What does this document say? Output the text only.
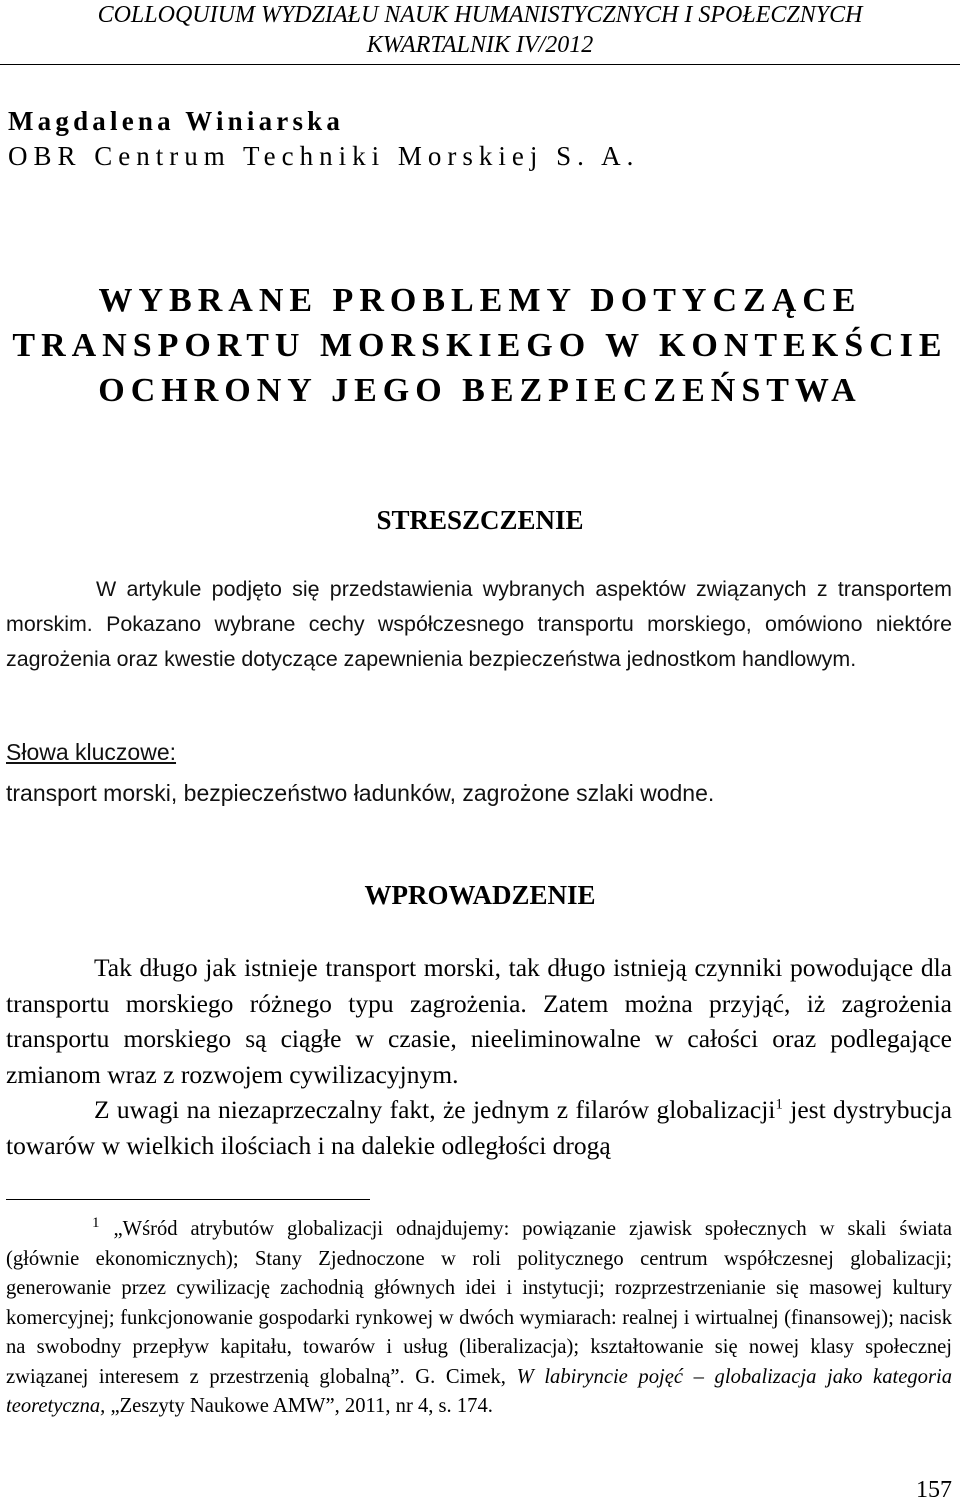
COLLOQUIUM WYDZIAŁU NAUK HUMANISTYCZNYCH I SPOŁECZNYCH
KWARTALNIK IV/2012
Magdalena Winiarska
OBR Centrum Techniki Morskiej S. A.
WYBRANE PROBLEMY DOTYCZĄCE
TRANSPORTU MORSKIEGO W KONTEKŚCIE
OCHRONY JEGO BEZPIECZEŃSTWA
STRESZCZENIE

W artykule podjęto się przedstawienia wybranych aspektów związanych z transportem morskim. Pokazano wybrane cechy współczesnego transportu morskiego, omówiono niektóre zagrożenia oraz kwestie dotyczące zapewnienia bezpieczeństwa jednostkom handlowym.

Słowa kluczowe:
transport morski, bezpieczeństwo ładunków, zagrożone szlaki wodne.
WPROWADZENIE

Tak długo jak istnieje transport morski, tak długo istnieją czynniki powodujące dla transportu morskiego różnego typu zagrożenia. Zatem można przyjąć, iż zagrożenia transportu morskiego są ciągłe w czasie, nieeliminowalne w całości oraz podlegające zmianom wraz z rozwojem cywilizacyjnym.

Z uwagi na niezaprzeczalny fakt, że jednym z filarów globalizacji$^1$ jest dystrybucja towarów w wielkich ilościach i na dalekie odległości drogą

$^1$ „Wśród atrybutów globalizacji odnajdujemy: powiązanie zjawisk społecznych w skali świata (głównie ekonomicznych); Stany Zjednoczone w roli politycznego centrum współczesnej globalizacji; generowanie przez cywilizację zachodnią głównych idei i instytucji; rozprzestrzenianie się masowej kultury komercyjnej; funkcjonowanie gospodarki rynkowej w dwóch wymiarach: realnej i wirtualnej (finansowej); nacisk na swobodny przepływ kapitału, towarów i usług (liberalizacja); kształtowanie się nowej klasy społecznej związanej interesem z przestrzenią globalną”. G. Cimek, W labiryncie pojęć – globalizacja jako kategoria teoretyczna, „Zeszyty Naukowe AMW”, 2011, nr 4, s. 174.

157
